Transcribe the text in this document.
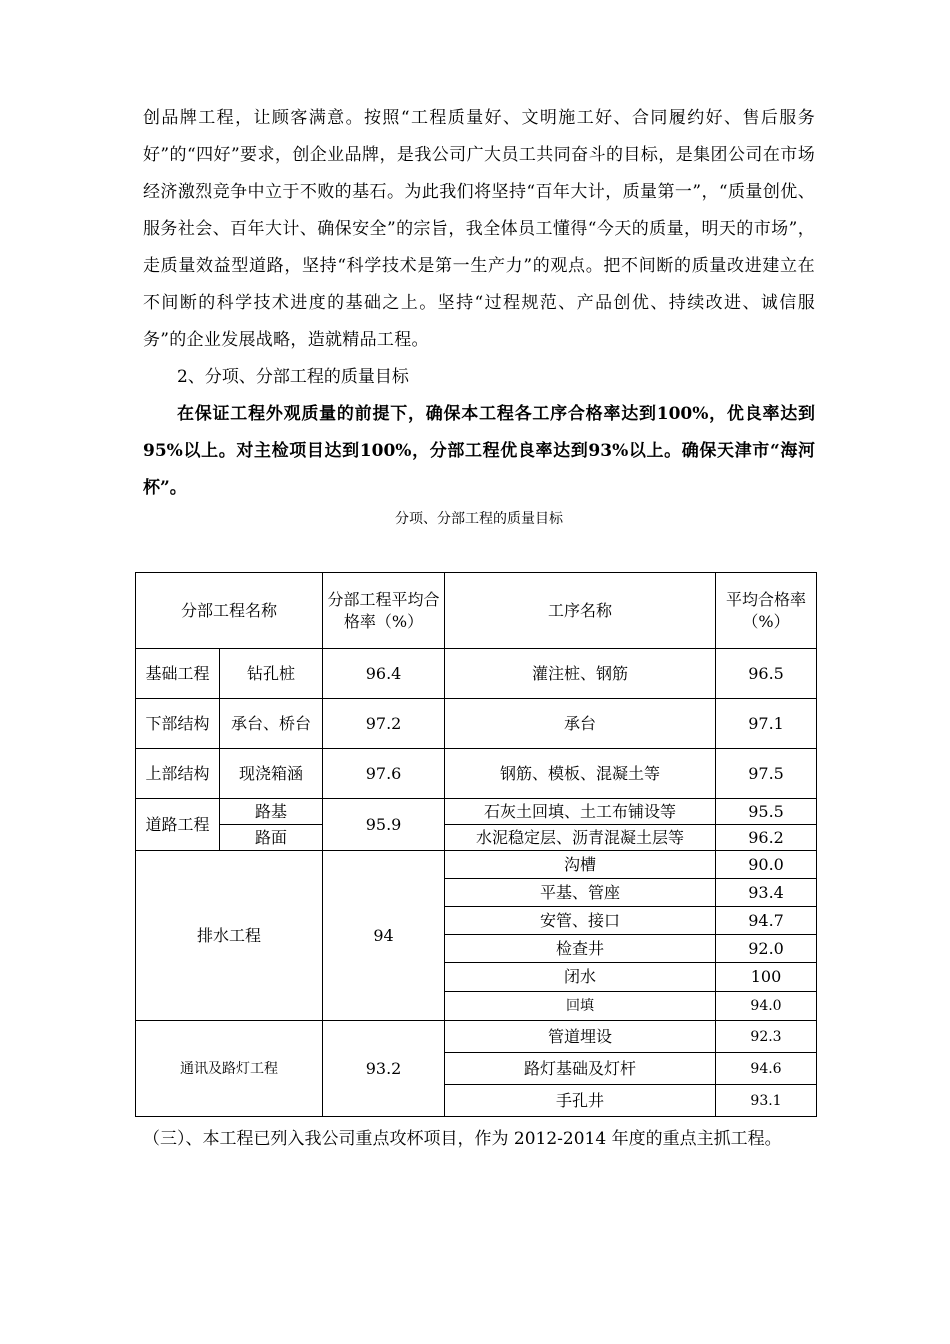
创品牌工程，让顾客满意。按照“工程质量好、文明施工好、合同履约好、售后服务好”的“四好”要求，创企业品牌，是我公司广大员工共同奋斗的目标，是集团公司在市场经济激烈竞争中立于不败的基石。为此我们将坚持“百年大计，质量第一”，“质量创优、服务社会、百年大计、确保安全”的宗旨，我全体员工懂得“今天的质量，明天的市场”，走质量效益型道路，坚持“科学技术是第一生产力”的观点。把不间断的质量改进建立在不间断的科学技术进度的基础之上。坚持“过程规范、产品创优、持续改进、诚信服务”的企业发展战略，造就精品工程。

2、分项、分部工程的质量目标

在保证工程外观质量的前提下，确保本工程各工序合格率达到100%，优良率达到95%以上。对主检项目达到100%，分部工程优良率达到93%以上。确保天津市“海河杯”。

分项、分部工程的质量目标
分部工程名称		分部工程平均合格率（%）	工序名称	平均合格率（%）
基础工程	钻孔桩	96.4	灌注桩、钢筋	96.5
下部结构	承台、桥台	97.2	承台	97.1
上部结构	现浇箱涵	97.6	钢筋、模板、混凝土等	97.5
道路工程	路基	95.9	石灰土回填、土工布铺设等	95.5
	路面		水泥稳定层、沥青混凝土层等	96.2
排水工程		94	沟槽	90.0
			平基、管座	93.4
			安管、接口	94.7
			检查井	92.0
			闭水	100
			回填	94.0
通讯及路灯工程		93.2	管道埋设	92.3
			路灯基础及灯杆	94.6
			手孔井	93.1

（三）、本工程已列入我公司重点攻杯项目，作为 2012-2014 年度的重点主抓工程。
